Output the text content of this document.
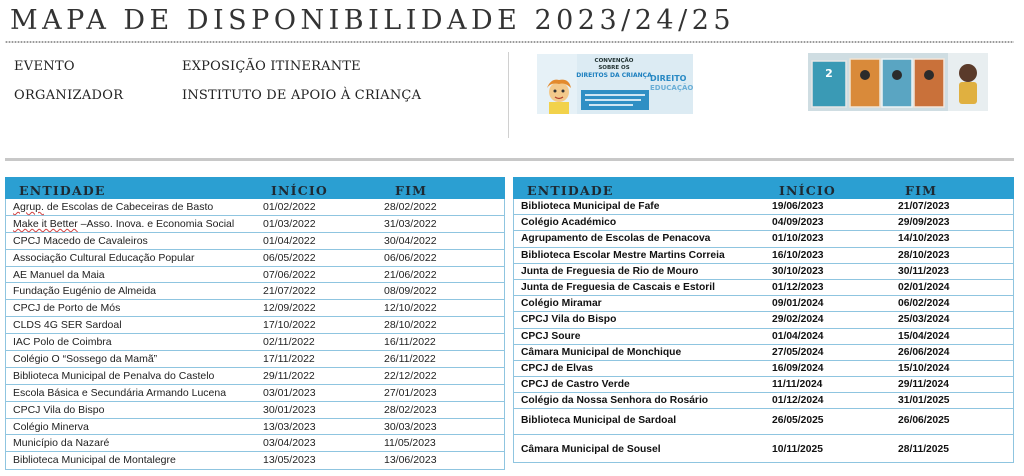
MAPA DE DISPONIBILIDADE 2023/24/25
EVENTO	EXPOSIÇÃO ITINERANTE
ORGANIZADOR	INSTITUTO DE APOIO À CRIANÇA
CONVENÇÃO
SOBRE OS
DIREITOS DA CRIANÇA
DIREITO
EDUCAÇÃO
2
ENTIDADE	INÍCIO	FIM
Agrup. de Escolas de Cabeceiras de Basto	01/02/2022	28/02/2022
Make it Better –Asso. Inova. e Economia Social	01/03/2022	31/03/2022
CPCJ Macedo de Cavaleiros	01/04/2022	30/04/2022
Associação Cultural Educação Popular	06/05/2022	06/06/2022
AE Manuel da Maia	07/06/2022	21/06/2022
Fundação Eugénio de Almeida	21/07/2022	08/09/2022
CPCJ de Porto de Mós	12/09/2022	12/10/2022
CLDS 4G SER Sardoal	17/10/2022	28/10/2022
IAC Polo de Coimbra	02/11/2022	16/11/2022
Colégio O “Sossego da Mamã”	17/11/2022	26/11/2022
Biblioteca Municipal de Penalva do Castelo	29/11/2022	22/12/2022
Escola Básica e Secundária Armando Lucena	03/01/2023	27/01/2023
CPCJ Vila do Bispo	30/01/2023	28/02/2023
Colégio Minerva	13/03/2023	30/03/2023
Município da Nazaré	03/04/2023	11/05/2023
Biblioteca Municipal de Montalegre	13/05/2023	13/06/2023
ENTIDADE	INÍCIO	FIM
Biblioteca Municipal de Fafe	19/06/2023	21/07/2023
Colégio Académico	04/09/2023	29/09/2023
Agrupamento de Escolas de Penacova	01/10/2023	14/10/2023
Biblioteca Escolar Mestre Martins Correia	16/10/2023	28/10/2023
Junta de Freguesia de Rio de Mouro	30/10/2023	30/11/2023
Junta de Freguesia de Cascais e Estoril	01/12/2023	02/01/2024
Colégio Miramar	09/01/2024	06/02/2024
CPCJ Vila do Bispo	29/02/2024	25/03/2024
CPCJ Soure	01/04/2024	15/04/2024
Câmara Municipal de Monchique	27/05/2024	26/06/2024
CPCJ de Elvas	16/09/2024	15/10/2024
CPCJ de Castro Verde	11/11/2024	29/11/2024
Colégio da Nossa Senhora do Rosário	01/12/2024	31/01/2025
Biblioteca Municipal de Sardoal	26/05/2025	26/06/2025
Câmara Municipal de Sousel	10/11/2025	28/11/2025
